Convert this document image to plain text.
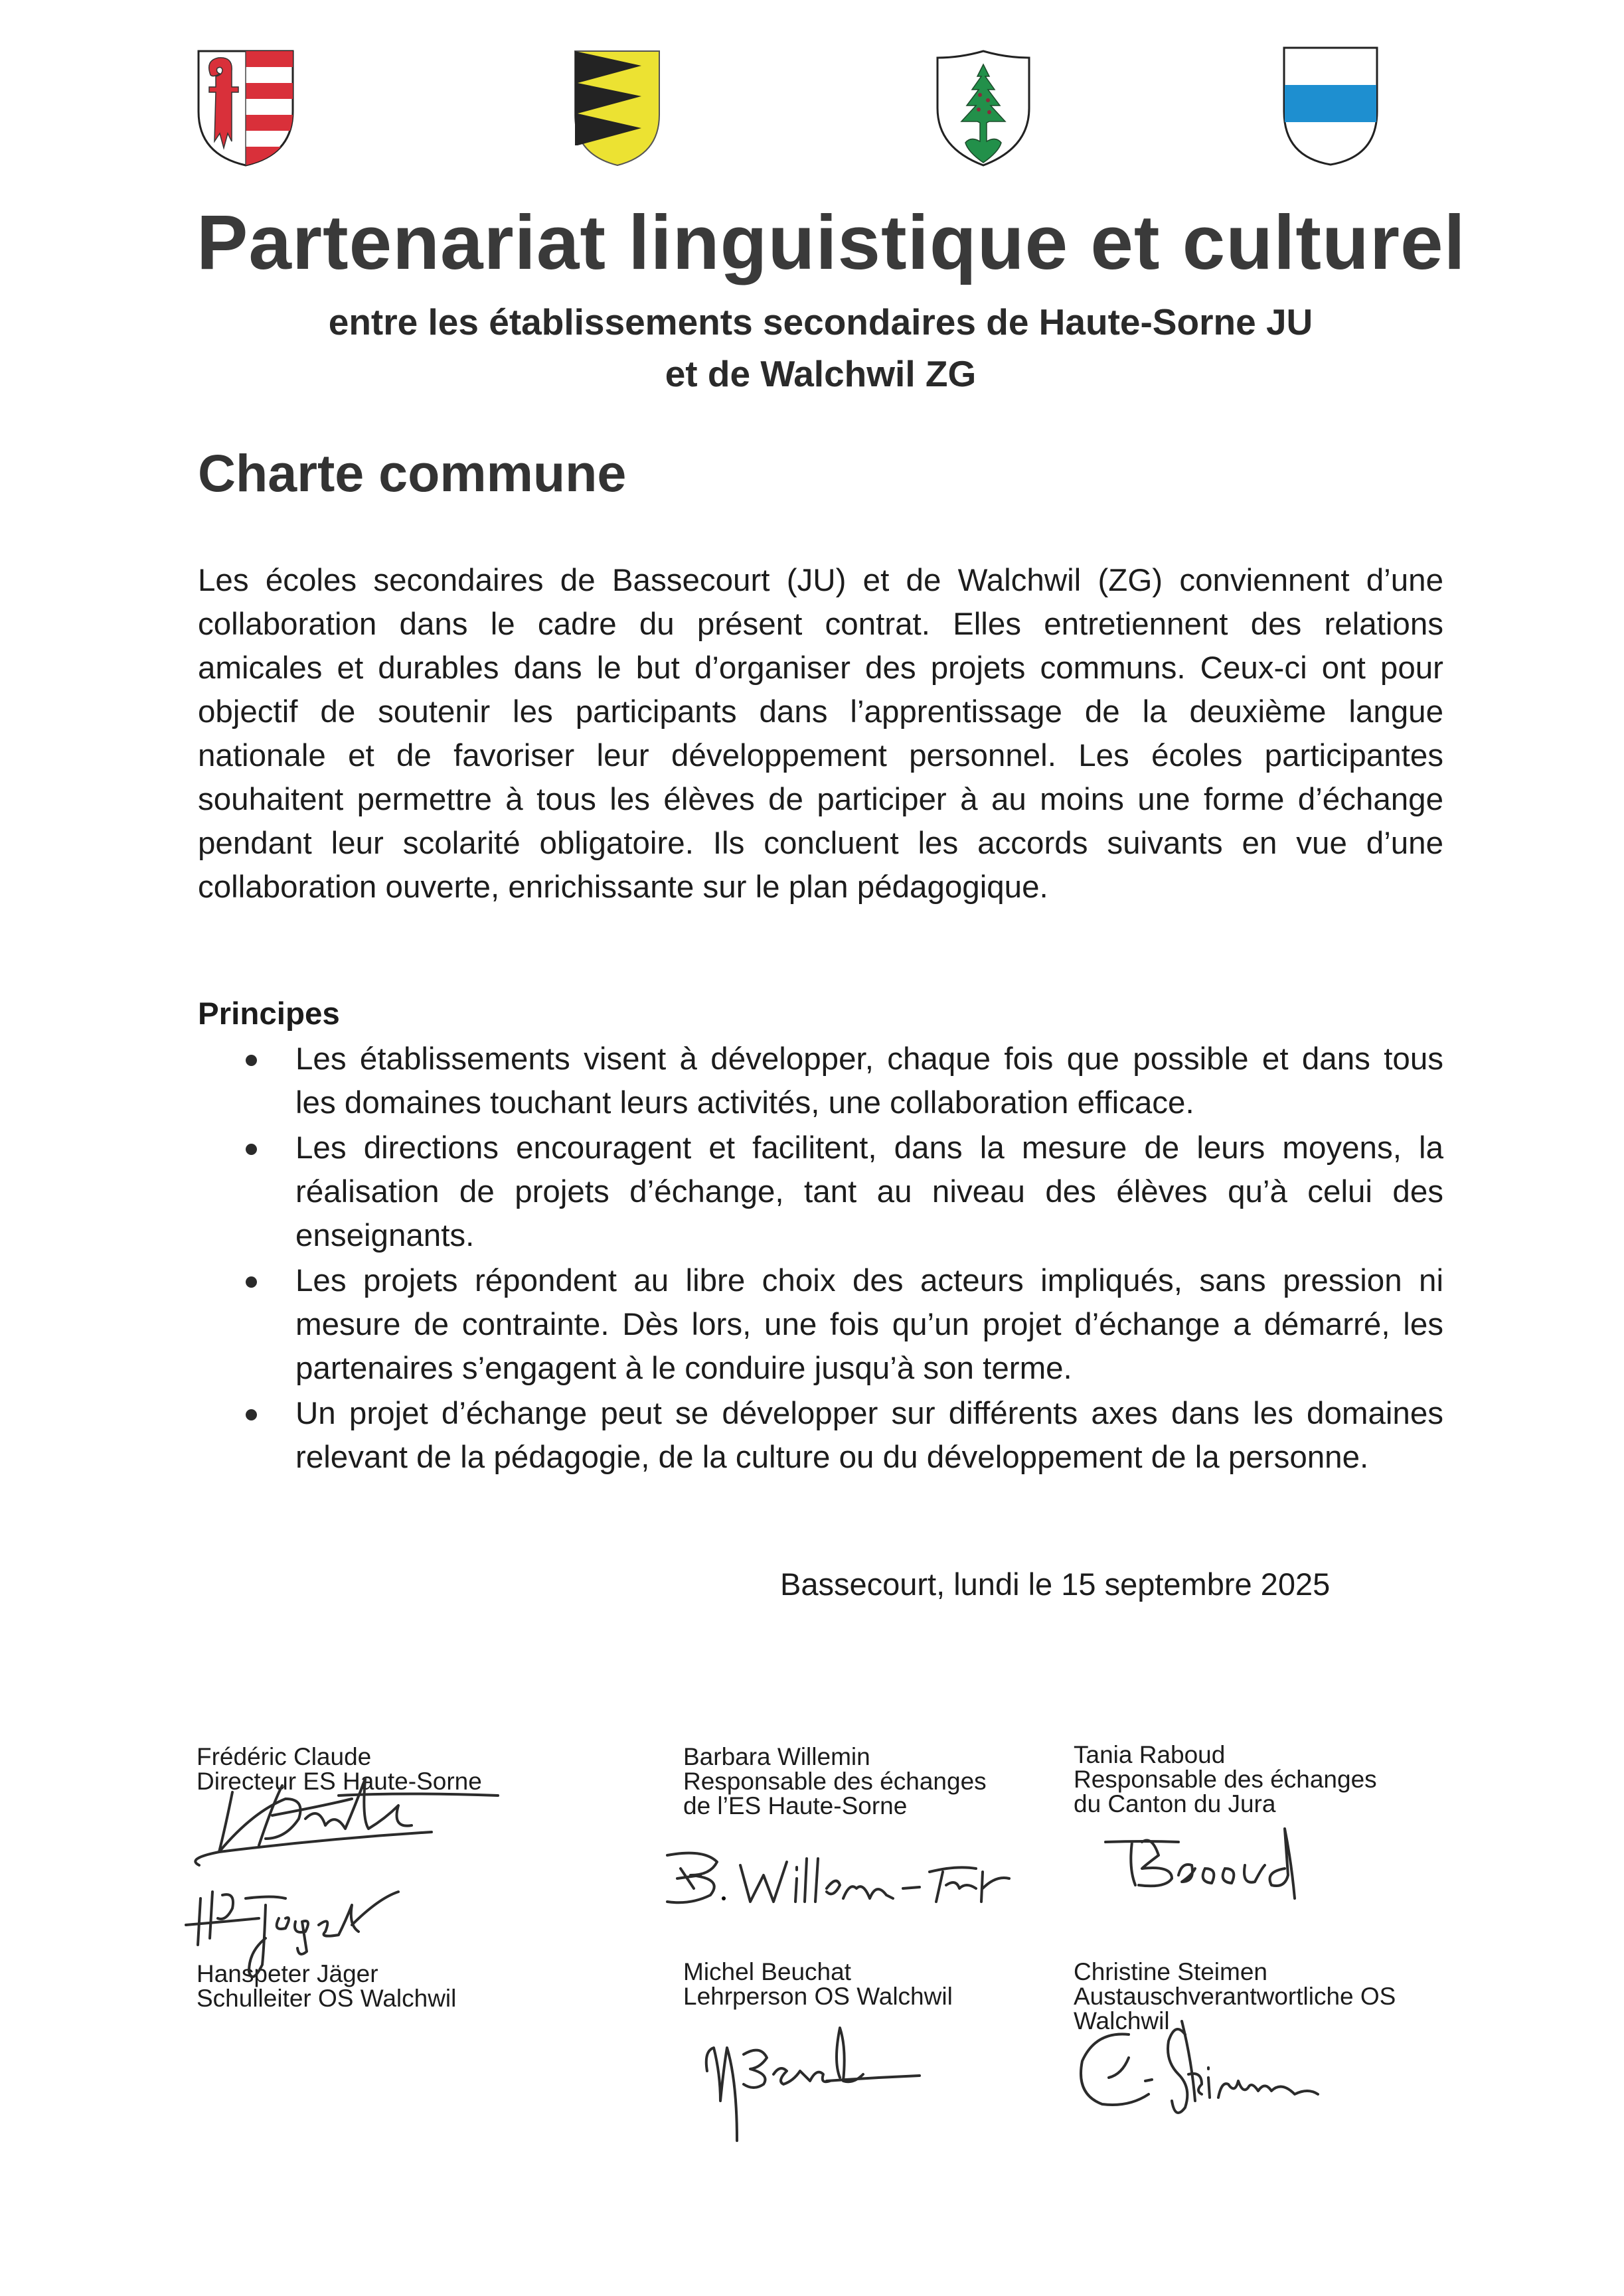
Partenariat linguistique et culturel
entre les établissements secondaires de Haute-Sorne JU
et de Walchwil ZG
Charte commune
Les écoles secondaires de Bassecourt (JU) et de Walchwil (ZG) conviennent d’une
collaboration dans le cadre du présent contrat. Elles entretiennent des relations
amicales et durables dans le but d’organiser des projets communs. Ceux-ci ont pour
objectif de soutenir les participants dans l’apprentissage de la deuxième langue
nationale et de favoriser leur développement personnel. Les écoles participantes
souhaitent permettre à tous les élèves de participer à au moins une forme d’échange
pendant leur scolarité obligatoire. Ils concluent les accords suivants en vue d’une
collaboration ouverte, enrichissante sur le plan pédagogique.
Principes
Les établissements visent à développer, chaque fois que possible et dans tous
les domaines touchant leurs activités, une collaboration efficace.
Les directions encouragent et facilitent, dans la mesure de leurs moyens, la
réalisation de projets d’échange, tant au niveau des élèves qu’à celui des
enseignants.
Les projets répondent au libre choix des acteurs impliqués, sans pression ni
mesure de contrainte. Dès lors, une fois qu’un projet d’échange a démarré, les
partenaires s’engagent à le conduire jusqu’à son terme.
Un projet d’échange peut se développer sur différents axes dans les domaines
relevant de la pédagogie, de la culture ou du développement de la personne.
Bassecourt, lundi le 15 septembre 2025
Frédéric Claude
Directeur ES Haute-Sorne
Barbara Willemin
Responsable des échanges
de l’ES Haute-Sorne
Tania Raboud
Responsable des échanges
du Canton du Jura
Hanspeter Jäger
Schulleiter OS Walchwil
Michel Beuchat
Lehrperson OS Walchwil
Christine Steimen
Austauschverantwortliche OS
Walchwil
